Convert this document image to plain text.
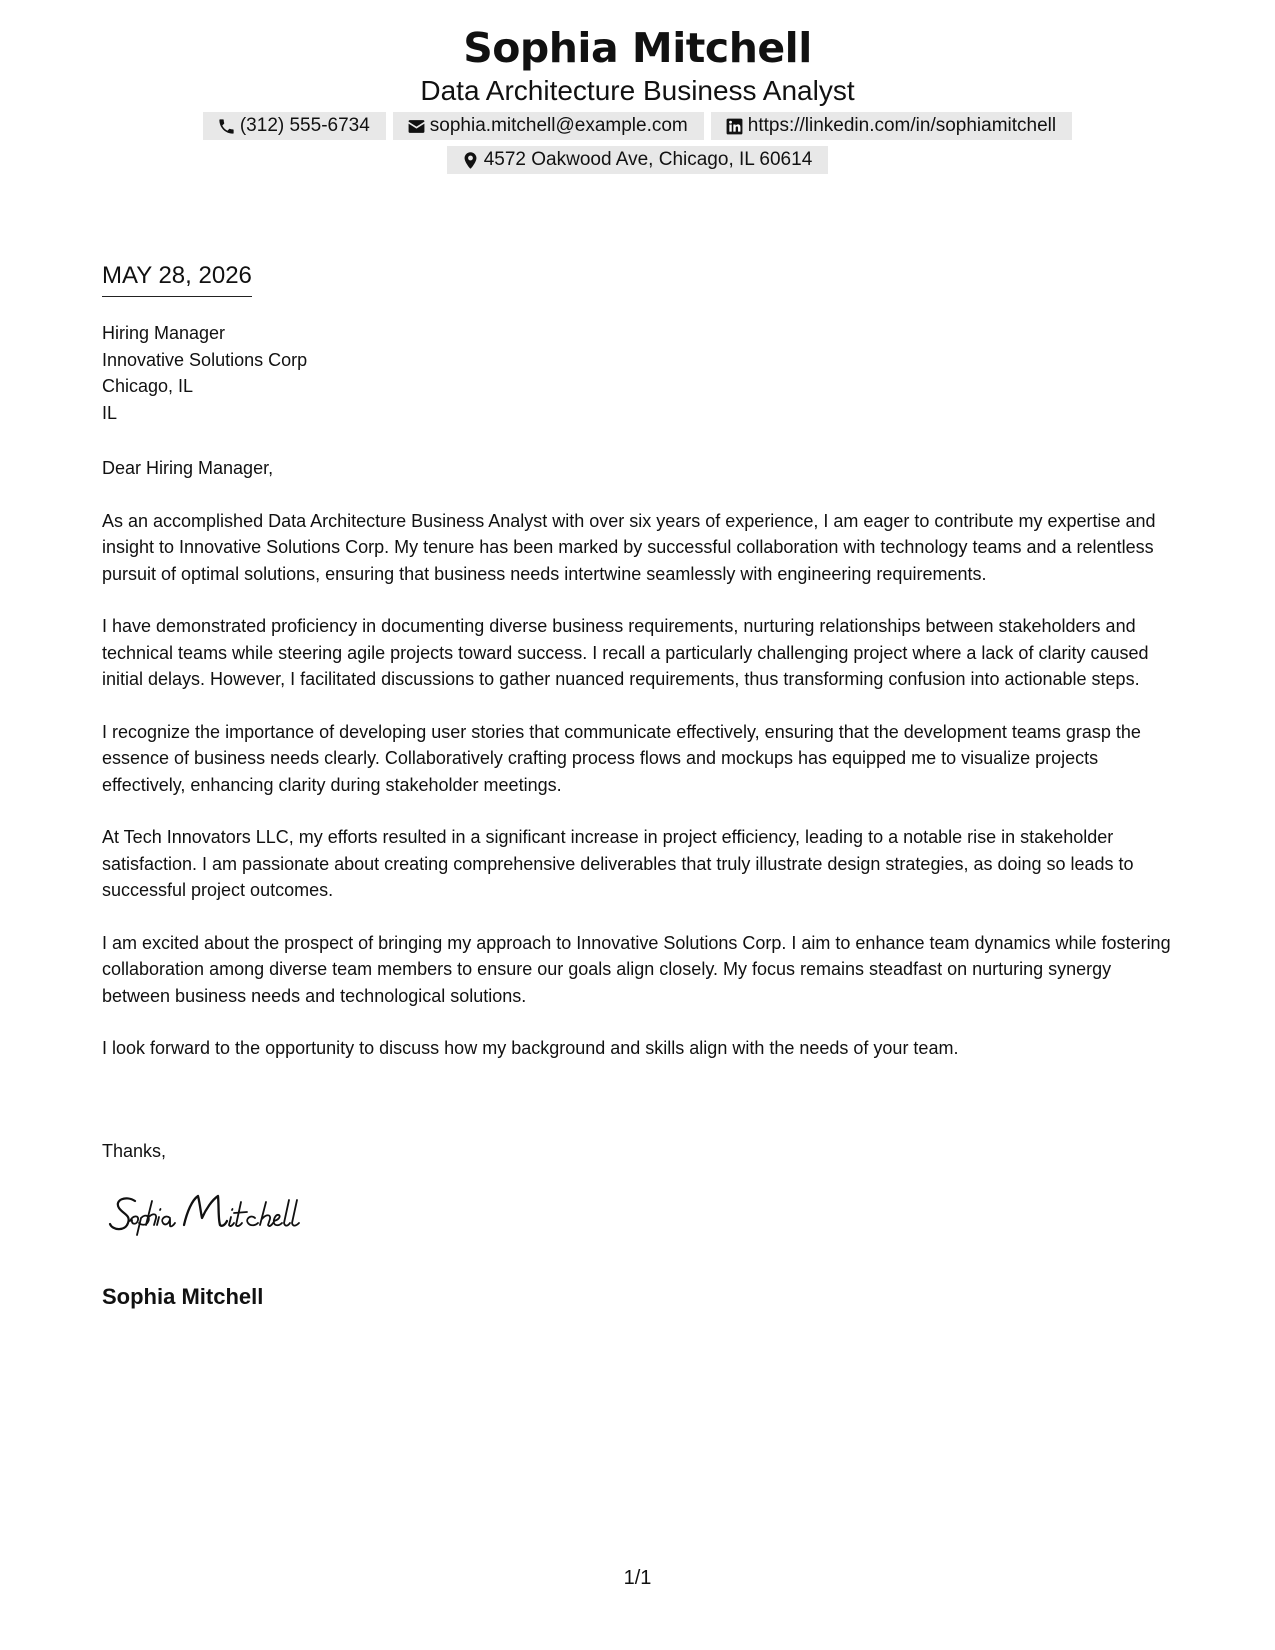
Sophia Mitchell
Data Architecture Business Analyst
(312) 555-6734	sophia.mitchell@example.com	https://linkedin.com/in/sophiamitchell
4572 Oakwood Ave, Chicago, IL 60614
MAY 28, 2026
Hiring Manager
Innovative Solutions Corp
Chicago, IL
IL

Dear Hiring Manager,

As an accomplished Data Architecture Business Analyst with over six years of experience, I am eager to contribute my expertise and insight to Innovative Solutions Corp. My tenure has been marked by successful collaboration with technology teams and a relentless pursuit of optimal solutions, ensuring that business needs intertwine seamlessly with engineering requirements.

I have demonstrated proficiency in documenting diverse business requirements, nurturing relationships between stakeholders and technical teams while steering agile projects toward success. I recall a particularly challenging project where a lack of clarity caused initial delays. However, I facilitated discussions to gather nuanced requirements, thus transforming confusion into actionable steps.

I recognize the importance of developing user stories that communicate effectively, ensuring that the development teams grasp the essence of business needs clearly. Collaboratively crafting process flows and mockups has equipped me to visualize projects effectively, enhancing clarity during stakeholder meetings.

At Tech Innovators LLC, my efforts resulted in a significant increase in project efficiency, leading to a notable rise in stakeholder satisfaction. I am passionate about creating comprehensive deliverables that truly illustrate design strategies, as doing so leads to successful project outcomes.

I am excited about the prospect of bringing my approach to Innovative Solutions Corp. I aim to enhance team dynamics while fostering collaboration among diverse team members to ensure our goals align closely. My focus remains steadfast on nurturing synergy between business needs and technological solutions.

I look forward to the opportunity to discuss how my background and skills align with the needs of your team.

Thanks,
Sophia Mitchell
1/1
